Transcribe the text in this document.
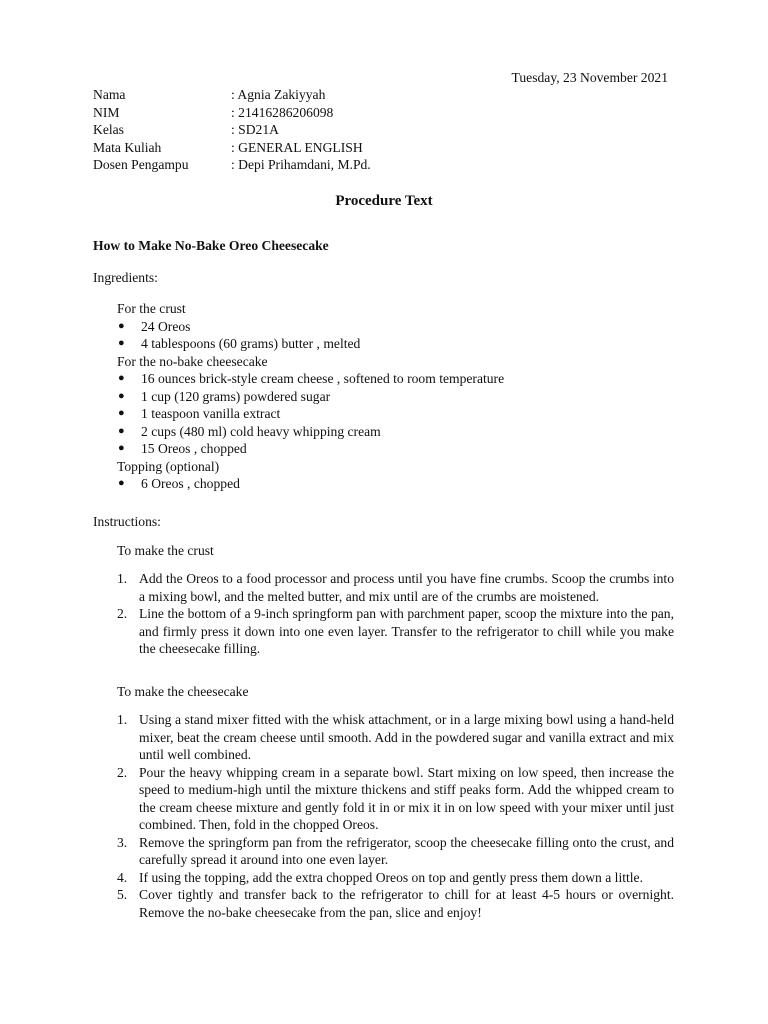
Tuesday, 23 November 2021
Nama	: Agnia Zakiyyah
NIM	: 21416286206098
Kelas	: SD21A
Mata Kuliah	: GENERAL ENGLISH
Dosen Pengampu	: Depi Prihamdani, M.Pd.
Procedure Text
How to Make No-Bake Oreo Cheesecake
Ingredients:
For the crust
●	24 Oreos
●	4 tablespoons (60 grams) butter , melted
For the no-bake cheesecake
●	16 ounces brick-style cream cheese , softened to room temperature
●	1 cup (120 grams) powdered sugar
●	1 teaspoon vanilla extract
●	2 cups (480 ml) cold heavy whipping cream
●	15 Oreos , chopped
Topping (optional)
●	6 Oreos , chopped
Instructions:
To make the crust
1. Add the Oreos to a food processor and process until you have fine crumbs. Scoop the crumbs into a mixing bowl, and the melted butter, and mix until are of the crumbs are moistened.
2. Line the bottom of a 9-inch springform pan with parchment paper, scoop the mixture into the pan, and firmly press it down into one even layer. Transfer to the refrigerator to chill while you make the cheesecake filling.
To make the cheesecake
1. Using a stand mixer fitted with the whisk attachment, or in a large mixing bowl using a hand-held mixer, beat the cream cheese until smooth. Add in the powdered sugar and vanilla extract and mix until well combined.
2. Pour the heavy whipping cream in a separate bowl. Start mixing on low speed, then increase the speed to medium-high until the mixture thickens and stiff peaks form. Add the whipped cream to the cream cheese mixture and gently fold it in or mix it in on low speed with your mixer until just combined. Then, fold in the chopped Oreos.
3. Remove the springform pan from the refrigerator, scoop the cheesecake filling onto the crust, and carefully spread it around into one even layer.
4. If using the topping, add the extra chopped Oreos on top and gently press them down a little.
5. Cover tightly and transfer back to the refrigerator to chill for at least 4-5 hours or overnight. Remove the no-bake cheesecake from the pan, slice and enjoy!
